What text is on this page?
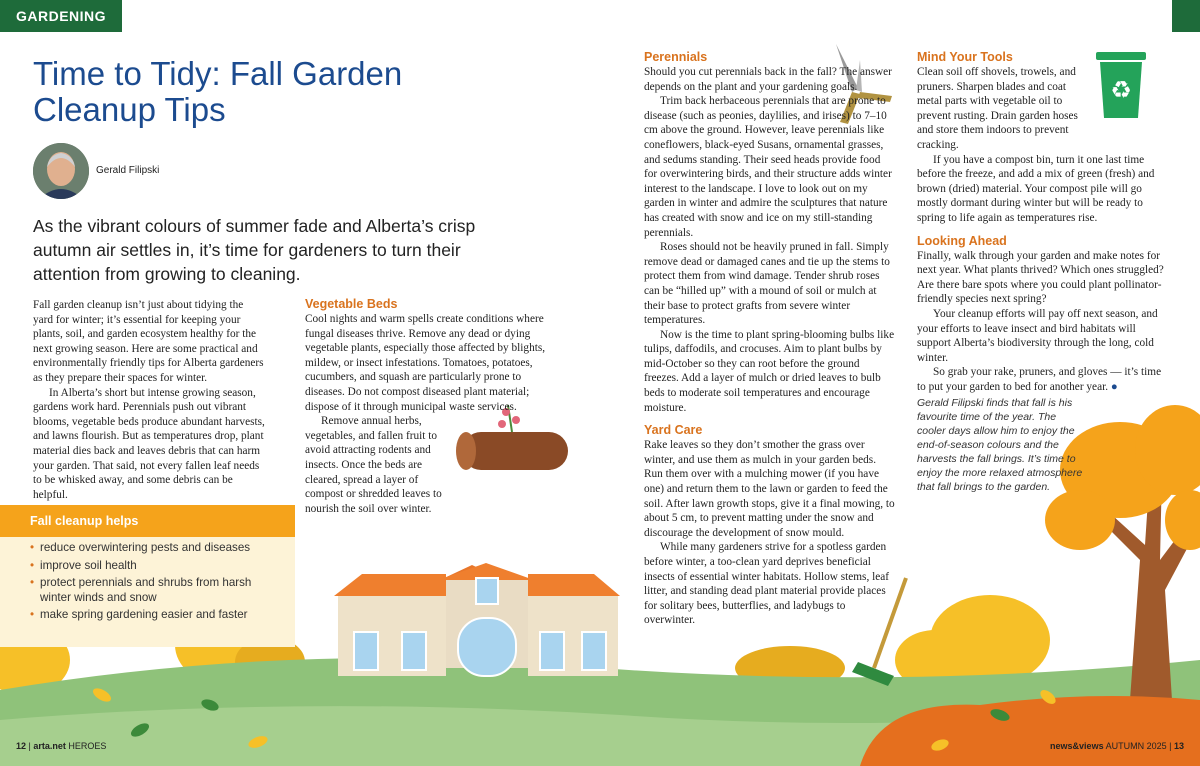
♻
GARDENING
Time to Tidy: Fall Garden Cleanup Tips
Gerald Filipski

As the vibrant colours of summer fade and Alberta’s crisp autumn air settles in, it’s time for gardeners to turn their attention from growing to cleaning.

Fall garden cleanup isn’t just about tidying the yard for winter; it’s essential for keeping your plants, soil, and garden ecosystem healthy for the next growing season. Here are some practical and environmentally friendly tips for Alberta gardeners as they prepare their spaces for winter.

In Alberta’s short but intense growing season, gardens work hard. Perennials push out vibrant blooms, vegetable beds produce abundant harvests, and lawns flourish. But as temperatures drop, plant material dies back and leaves debris that can harm your garden. That said, not every fallen leaf needs to be whisked away, and some debris can be helpful.

Fall cleanup helps
• reduce overwintering pests and diseases
• improve soil health
• protect perennials and shrubs from harsh winter winds and snow
• make spring gardening easier and faster
Vegetable Beds

Cool nights and warm spells create conditions where fungal diseases thrive. Remove any dead or dying vegetable plants, especially those affected by blights, mildew, or insect infestations. Tomatoes, potatoes, cucumbers, and squash are particularly prone to diseases. Do not compost diseased plant material; dispose of it through municipal waste services.

Remove annual herbs, vegetables, and fallen fruit to avoid attracting rodents and insects. Once the beds are cleared, spread a layer of compost or shredded leaves to nourish the soil over winter.

Perennials

Should you cut perennials back in the fall? The answer depends on the plant and your gardening goals.

Trim back herbaceous perennials that are prone to disease (such as peonies, daylilies, and irises) to 7–10 cm above the ground. However, leave perennials like coneflowers, black-eyed Susans, ornamental grasses, and sedums standing. Their seed heads provide food for overwintering birds, and their structure adds winter interest to the landscape. I love to look out on my garden in winter and admire the sculptures that nature has created with snow and ice on my still-standing perennials.

Roses should not be heavily pruned in fall. Simply remove dead or damaged canes and tie up the stems to protect them from wind damage. Tender shrub roses can be “hilled up” with a mound of soil or mulch at their base to protect grafts from severe winter temperatures.

Now is the time to plant spring-blooming bulbs like tulips, daffodils, and crocuses. Aim to plant bulbs by mid-October so they can root before the ground freezes. Add a layer of mulch or dried leaves to bulb beds to moderate soil temperatures and encourage moisture.

Yard Care

Rake leaves so they don’t smother the grass over winter, and use them as mulch in your garden beds. Run them over with a mulching mower (if you have one) and return them to the lawn or garden to feed the soil. After lawn growth stops, give it a final mowing, to about 5 cm, to prevent matting under the snow and discourage the development of snow mould.

While many gardeners strive for a spotless garden before winter, a too-clean yard deprives beneficial insects of essential winter habitats. Hollow stems, leaf litter, and standing dead plant material provide places for solitary bees, butterflies, and ladybugs to overwinter.

Mind Your Tools

Clean soil off shovels, trowels, and pruners. Sharpen blades and coat metal parts with vegetable oil to prevent rusting. Drain garden hoses and store them indoors to prevent cracking.

If you have a compost bin, turn it one last time before the freeze, and add a mix of green (fresh) and brown (dried) material. Your compost pile will go mostly dormant during winter but will be ready to spring to life again as temperatures rise.

Looking Ahead

Finally, walk through your garden and make notes for next year. What plants thrived? Which ones struggled? Are there bare spots where you could plant pollinator-friendly species next spring?

Your cleanup efforts will pay off next season, and your efforts to leave insect and bird habitats will support Alberta’s biodiversity through the long, cold winter.

So grab your rake, pruners, and gloves — it’s time to put your garden to bed for another year. ●

Gerald Filipski finds that fall is his favourite time of the year. The cooler days allow him to enjoy the end-of-season colours and the harvests the fall brings. It’s time to enjoy the more relaxed atmosphere that fall brings to the garden.
12 | arta.net HEROES	news&views AUTUMN 2025 | 13
